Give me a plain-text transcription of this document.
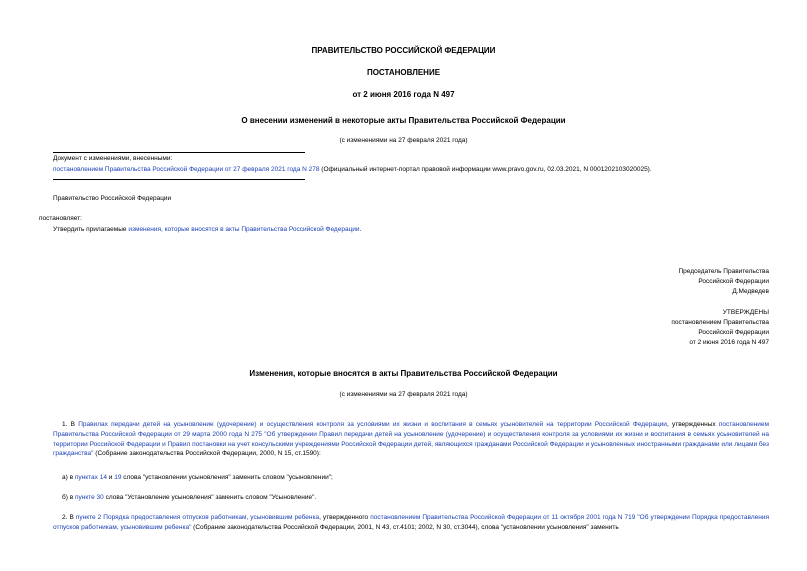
ПРАВИТЕЛЬСТВО РОССИЙСКОЙ ФЕДЕРАЦИИ
ПОСТАНОВЛЕНИЕ
от 2 июня 2016 года N 497
О внесении изменений в некоторые акты Правительства Российской Федерации
(с изменениями на 27 февраля 2021 года)
Документ с изменениями, внесенными:
постановлением Правительства Российской Федерации от 27 февраля 2021 года N 278 (Официальный интернет-портал правовой информации www.pravo.gov.ru, 02.03.2021, N 0001202103020025).
Правительство Российской Федерации
постановляет:
Утвердить прилагаемые изменения, которые вносятся в акты Правительства Российской Федерации.
Председатель Правительства
Российской Федерации
Д.Медведев
УТВЕРЖДЕНЫ
постановлением Правительства
Российской Федерации
от 2 июня 2016 года N 497
Изменения, которые вносятся в акты Правительства Российской Федерации
(с изменениями на 27 февраля 2021 года)
1. В Правилах передачи детей на усыновление (удочерение) и осуществления контроля за условиями их жизни и воспитания в семьях усыновителей на территории Российской Федерации, утвержденных постановлением Правительства Российской Федерации от 29 марта 2000 года N 275 "Об утверждении Правил передачи детей на усыновление (удочерение) и осуществления контроля за условиями их жизни и воспитания в семьях усыновителей на территории Российской Федерации и Правил постановки на учет консульскими учреждениями Российской Федерации детей, являющихся гражданами Российской Федерации и усыновленных иностранными гражданами или лицами без гражданства" (Собрание законодательства Российской Федерации, 2000, N 15, ст.1590):
а) в пунктах 14 и 19 слова "установлении усыновления" заменить словом "усыновлении";
б) в пункте 30 слова "Установление усыновления" заменить словом "Усыновление".
2. В пункте 2 Порядка предоставления отпусков работникам, усыновившим ребенка, утвержденного постановлением Правительства Российской Федерации от 11 октября 2001 года N 719 "Об утверждении Порядка предоставления отпусков работникам, усыновившим ребенка" (Собрание законодательства Российской Федерации, 2001, N 43, ст.4101; 2002, N 30, ст.3044), слова "установлении усыновления" заменить
